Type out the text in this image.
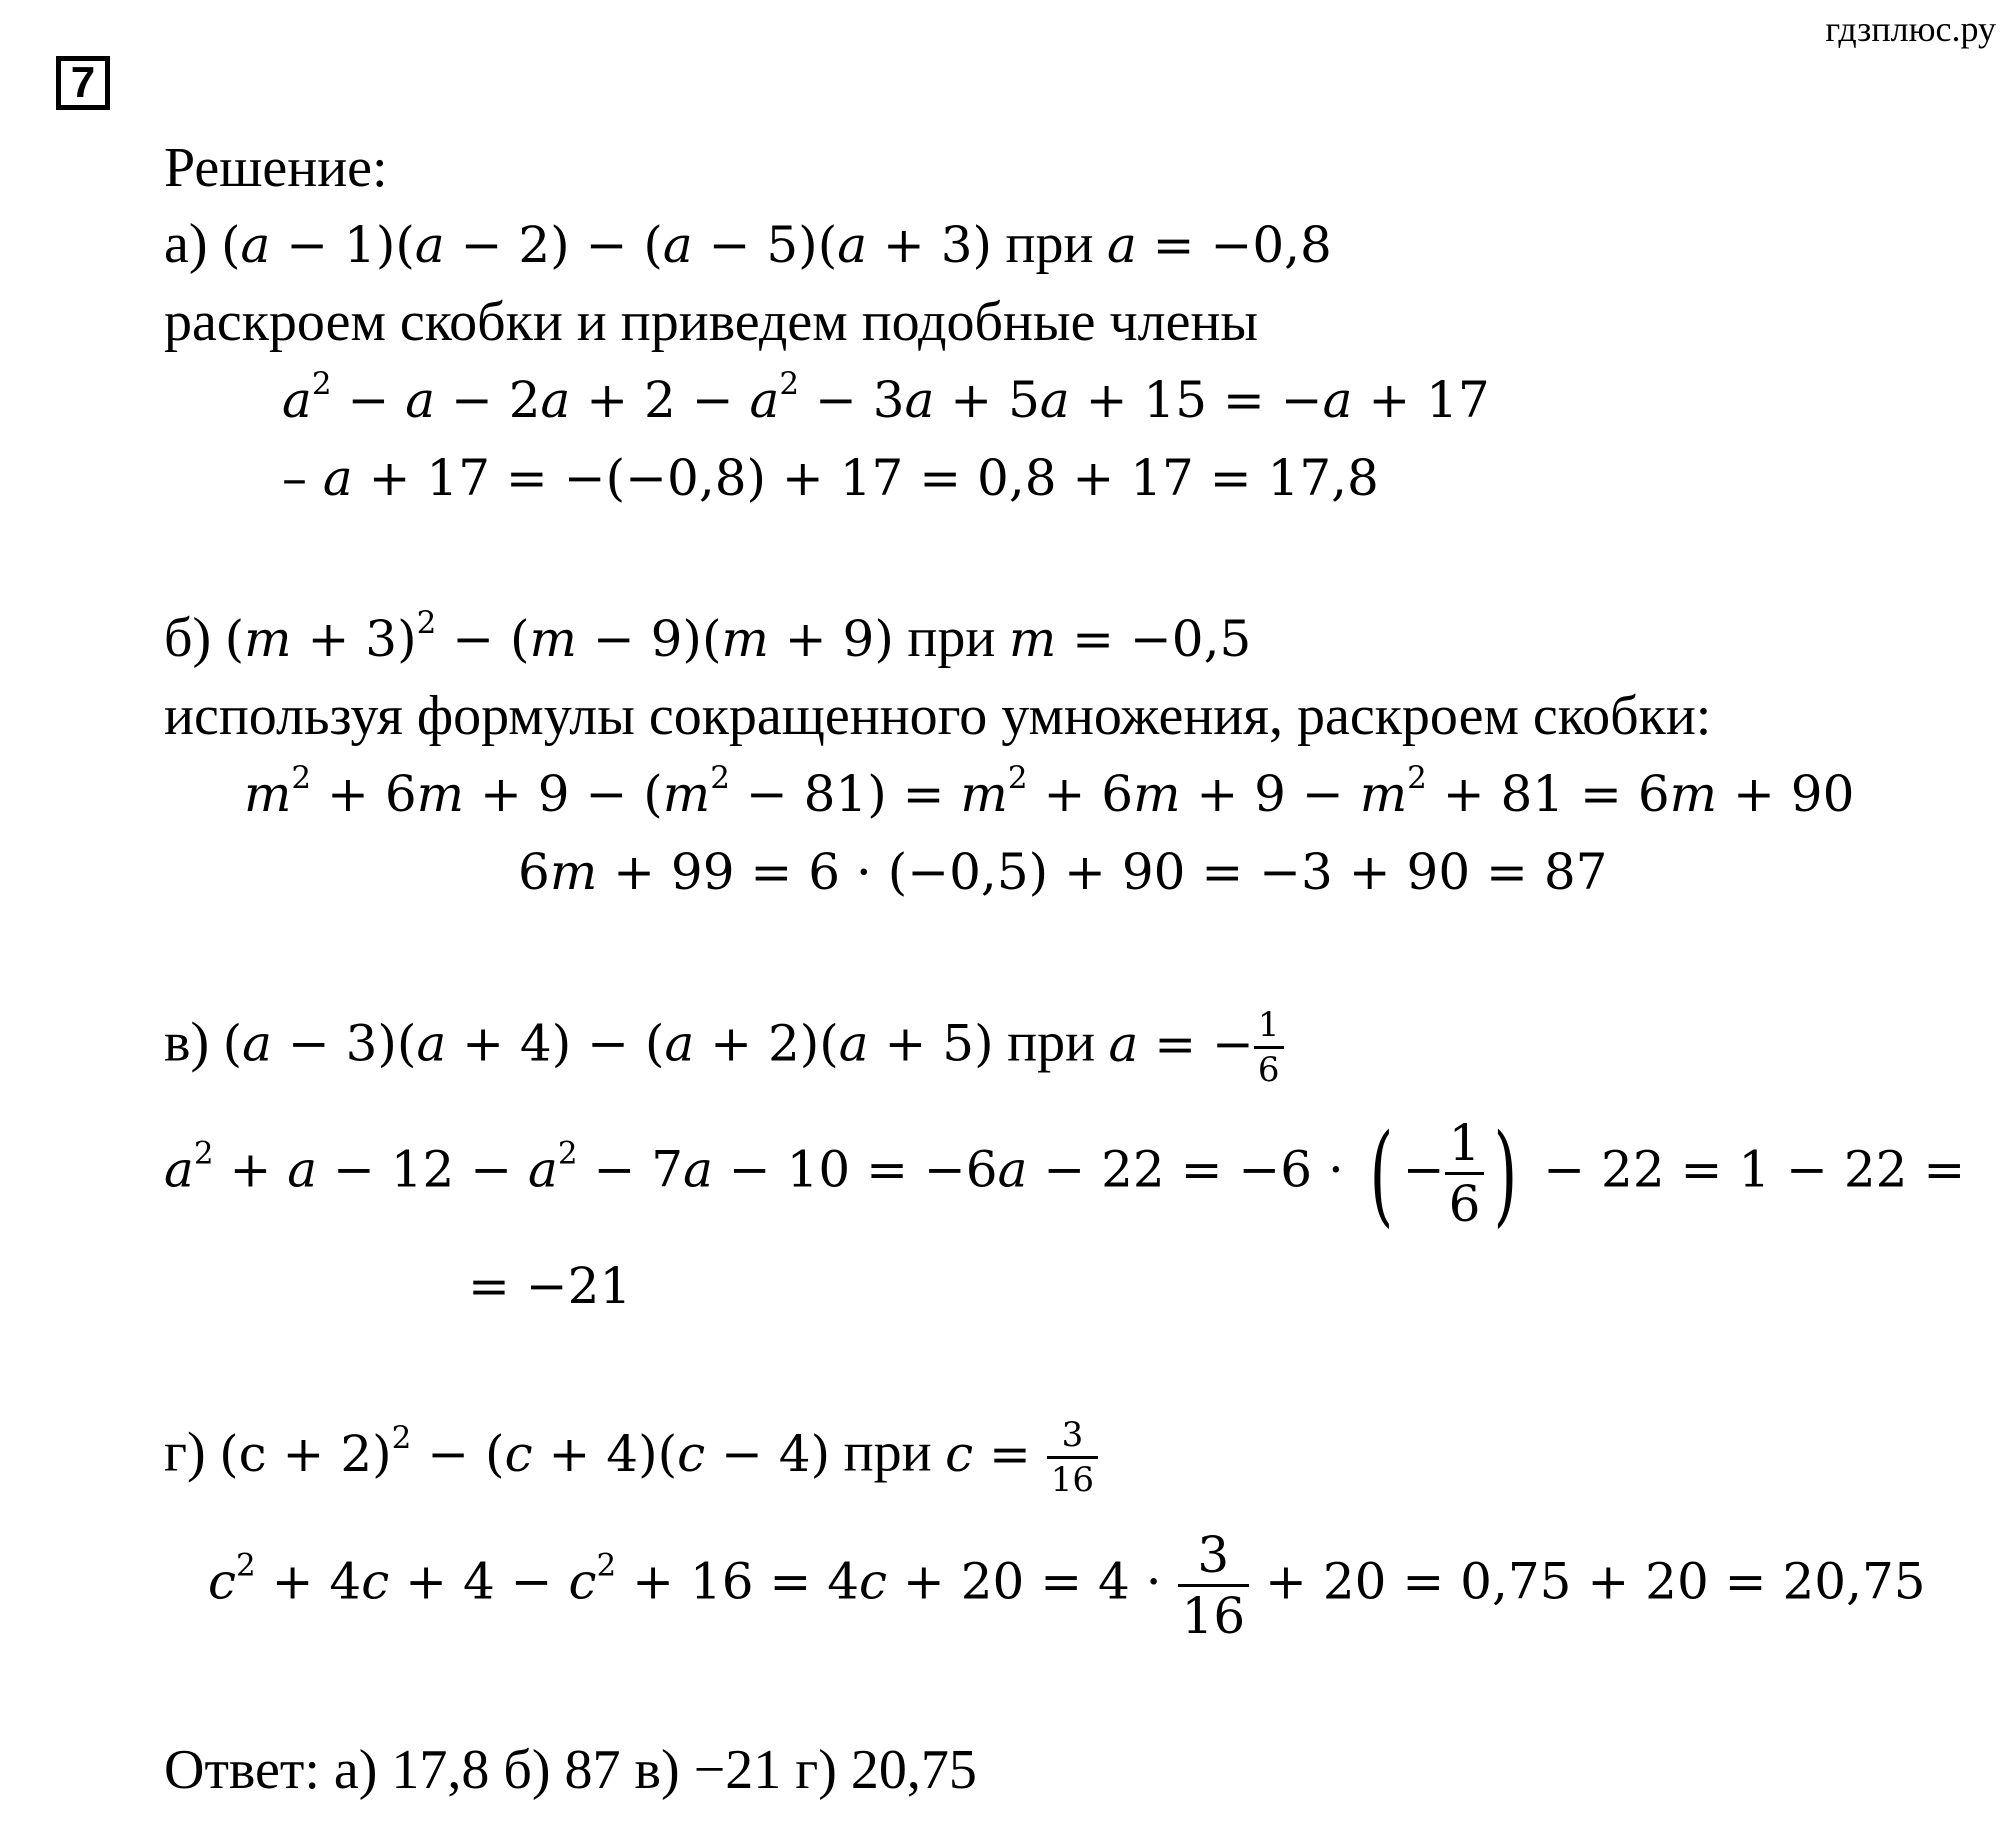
гдзплюс.ру
7
Решение:
а) (a − 1)(a − 2) − (a − 5)(a + 3) при a = −0,8
раскроем скобки и приведем подобные члены
$a^2 - a - 2a + 2 - a^2 - 3a + 5a + 15 = -a + 17$
– a + 17 = −(−0,8) + 17 = 0,8 + 17 = 17,8
б) $(m + 3)^2 - (m - 9)(m + 9)$ при m = −0,5
используя формулы сокращенного умножения, раскроем скобки:
$m^2 + 6m + 9 - (m^2 - 81) = m^2 + 6m + 9 - m^2 + 81 = 6m + 90$
6m + 99 = 6 · (−0,5) + 90 = −3 + 90 = 87
в) (a − 3)(a + 4) − (a + 2)(a + 5) при a = − $\frac{1}{6}$
$a^2 + a - 12 - a^2 - 7a - 10 = -6a - 22 = -6$ · ( − $\frac{1}{6}$ ) − 22 = 1 − 22 =
= −21
г) $(c + 2)^2 - (c + 4)(c - 4)$ при $c = \frac{3}{16}$
$c^2 + 4c + 4 - c^2 + 16 = 4c + 20 = 4 \cdot \frac{3}{16} + 20 = 0,75 + 20 = 20,75$
Ответ: а) 17,8 б) 87 в) −21 г) 20,75
